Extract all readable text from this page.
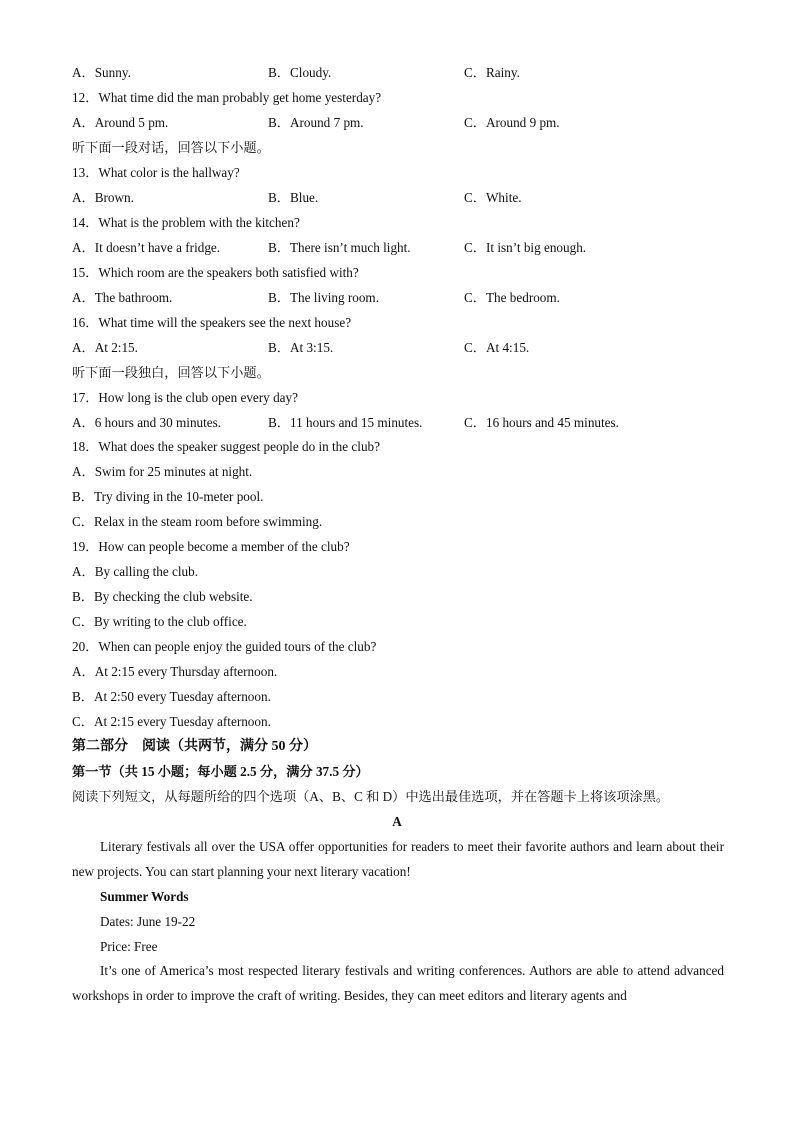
A．Sunny.	B．Cloudy.	C．Rainy.
12．What time did the man probably get home yesterday?
A．Around 5 pm.	B．Around 7 pm.	C．Around 9 pm.
听下面一段对话，回答以下小题。
13．What color is the hallway?
A．Brown.	B．Blue.	C．White.
14．What is the problem with the kitchen?
A．It doesn’t have a fridge.	B．There isn’t much light.	C．It isn’t big enough.
15．Which room are the speakers both satisfied with?
A．The bathroom.	B．The living room.	C．The bedroom.
16．What time will the speakers see the next house?
A．At 2:15.	B．At 3:15.	C．At 4:15.
听下面一段独白，回答以下小题。
17．How long is the club open every day?
A．6 hours and 30 minutes.	B．11 hours and 15 minutes.	C．16 hours and 45 minutes.
18．What does the speaker suggest people do in the club?
A．Swim for 25 minutes at night.
B．Try diving in the 10-meter pool.
C．Relax in the steam room before swimming.
19．How can people become a member of the club?
A．By calling the club.
B．By checking the club website.
C．By writing to the club office.
20．When can people enjoy the guided tours of the club?
A．At 2:15 every Thursday afternoon.
B．At 2:50 every Tuesday afternoon.
C．At 2:15 every Tuesday afternoon.
第二部分　阅读（共两节，满分 50 分）
第一节（共 15 小题；每小题 2.5 分，满分 37.5 分）
阅读下列短文，从每题所给的四个选项（A、B、C 和 D）中选出最佳选项，并在答题卡上将该项涂黑。
A
Literary festivals all over the USA offer opportunities for readers to meet their favorite authors and learn about their new projects. You can start planning your next literary vacation!
Summer Words
Dates: June 19-22
Price: Free
It’s one of America’s most respected literary festivals and writing conferences. Authors are able to attend advanced workshops in order to improve the craft of writing. Besides, they can meet editors and literary agents and
